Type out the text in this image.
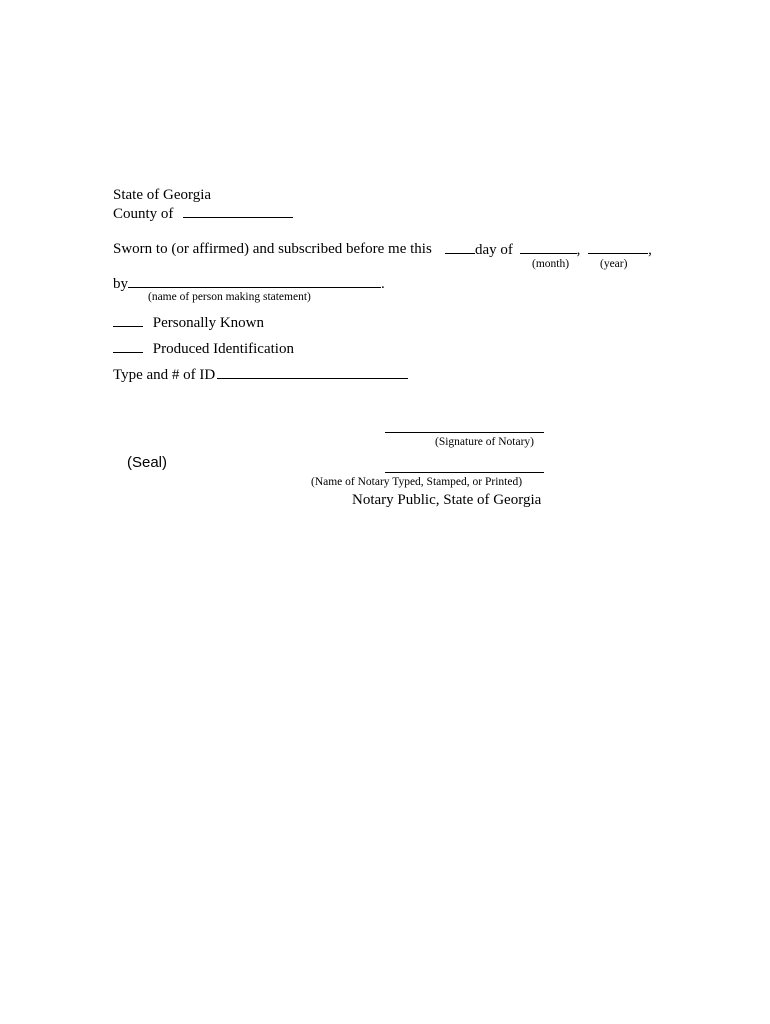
State of Georgia
County of
Sworn to (or affirmed) and subscribed before me this	day of	,	,
(month)	(year)
by	.
(name of person making statement)
Personally Known
Produced Identification
Type and # of ID
(Signature of Notary)
(Seal)
(Name of Notary Typed, Stamped, or Printed)
Notary Public, State of Georgia
